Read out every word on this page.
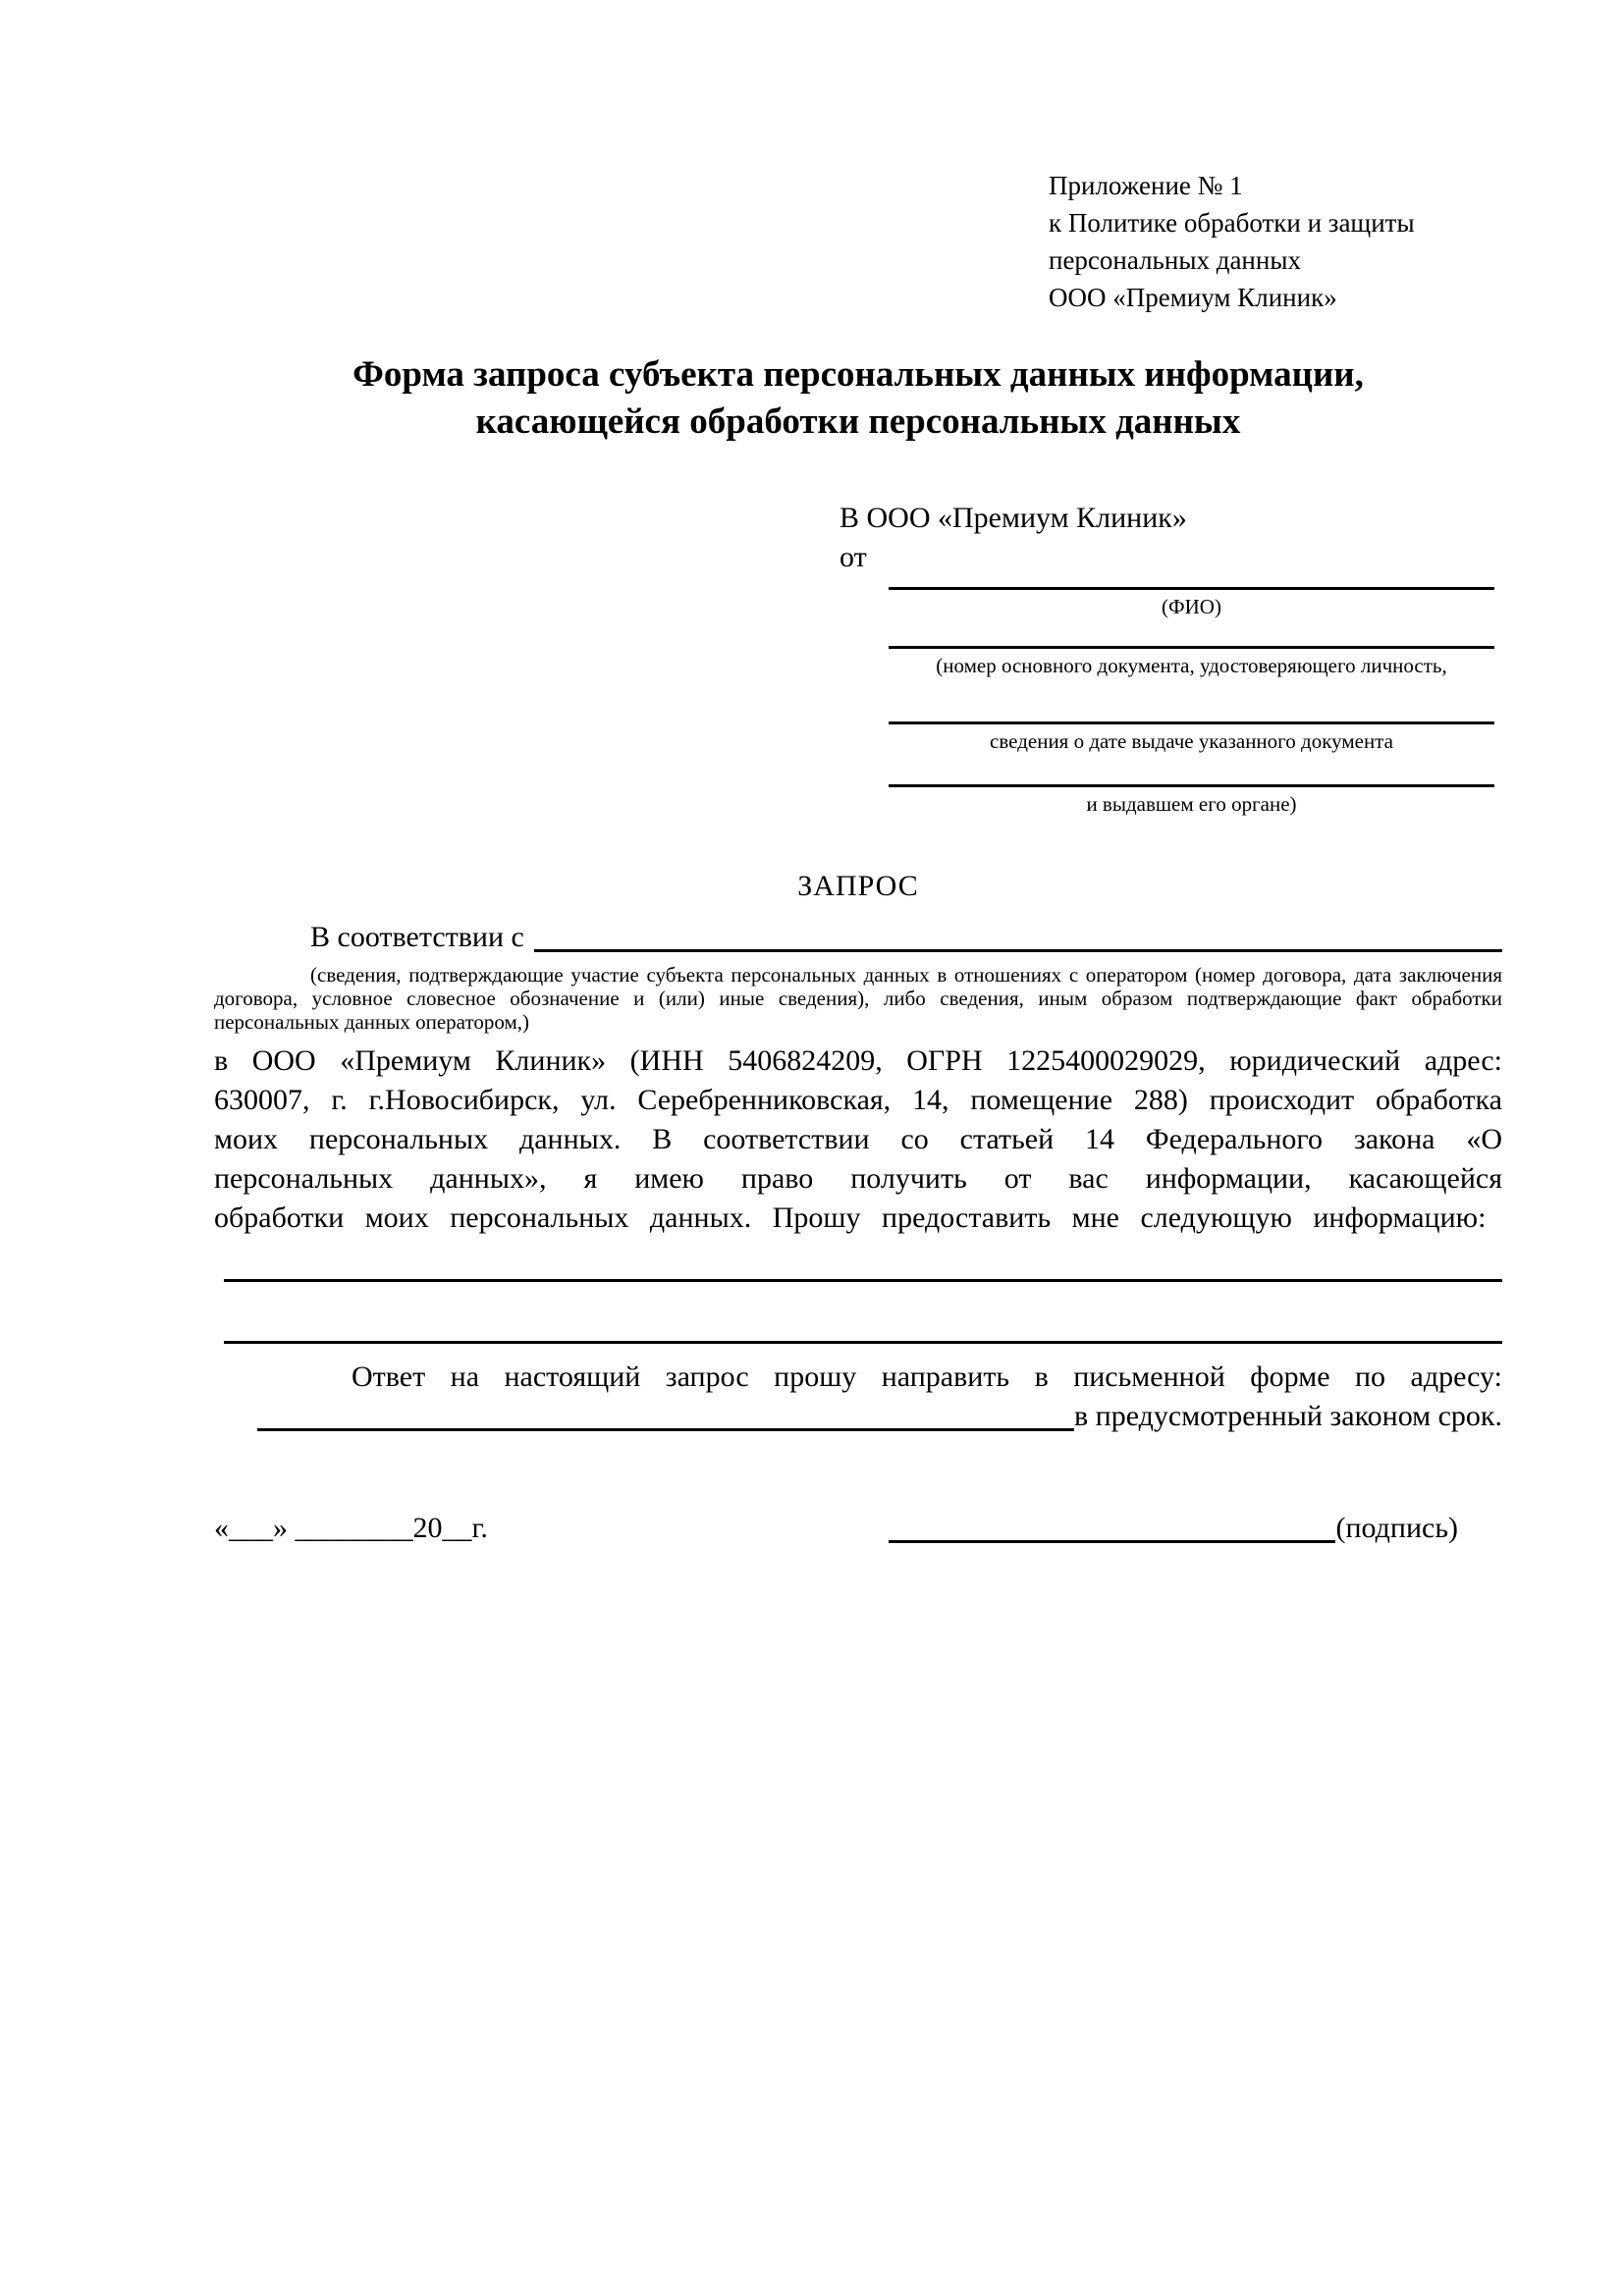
Приложение № 1
к Политике обработки и защиты
персональных данных
ООО «Премиум Клиник»
Форма запроса субъекта персональных данных информации,
касающейся обработки персональных данных
В ООО «Премиум Клиник»
от
(ФИО)
(номер основного документа, удостоверяющего личность,
сведения о дате выдаче указанного документа
и выдавшем его органе)
ЗАПРОС
В соответствии с
(сведения, подтверждающие участие субъекта персональных данных в отношениях с оператором (номер договора, дата заключения договора, условное словесное обозначение и (или) иные сведения), либо сведения, иным образом подтверждающие факт обработки персональных данных оператором,)

в ООО «Премиум Клиник» (ИНН 5406824209, ОГРН 1225400029029, юридический адрес: 630007, г. г.Новосибирск, ул. Серебренниковская, 14, помещение 288) происходит обработка моих персональных данных. В соответствии со статьей 14 Федерального закона «О персональных данных», я имею право получить от вас информации, касающейся обработки моих персональных данных. Прошу предоставить мне следующую информацию:

Ответ на настоящий запрос прошу направить в письменной форме по адресу:

в предусмотренный законом срок.
«___» ________20__г.	(подпись)
